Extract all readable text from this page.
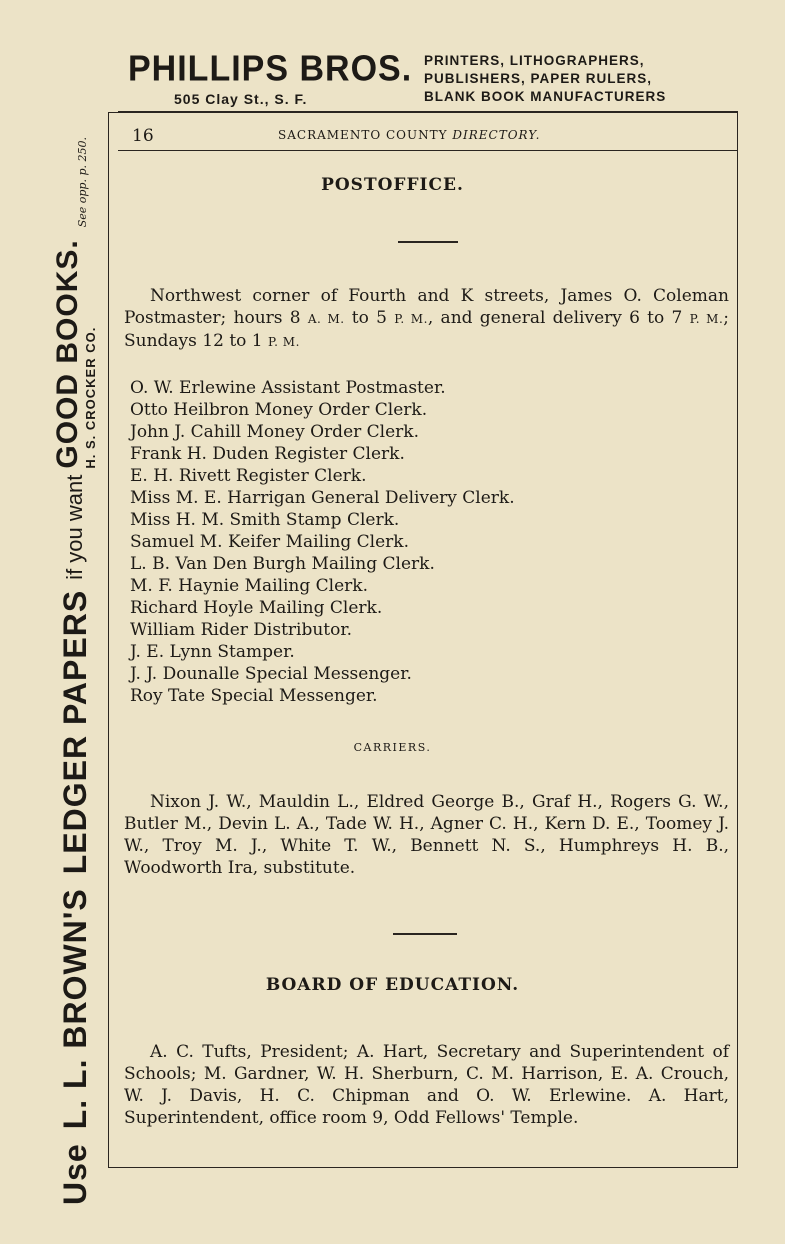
Use
L. L. BROWN'S
LEDGER PAPERS
if you want
GOOD BOOKS.
H. S. CROCKER CO.
See opp. p. 250.
PHILLIPS BROS.
505 Clay St., S. F.
PRINTERS, LITHOGRAPHERS,
PUBLISHERS, PAPER RULERS,
BLANK BOOK MANUFACTURERS
16	SACRAMENTO COUNTY DIRECTORY.
POSTOFFICE.
Northwest corner of Fourth and K streets, James O. Coleman Postmaster; hours 8 A. M. to 5 P. M., and general delivery 6 to 7 P. M.; Sundays 12 to 1 P. M.
O. W. Erlewine Assistant Postmaster.
Otto Heilbron Money Order Clerk.
John J. Cahill Money Order Clerk.
Frank H. Duden Register Clerk.
E. H. Rivett Register Clerk.
Miss M. E. Harrigan General Delivery Clerk.
Miss H. M. Smith Stamp Clerk.
Samuel M. Keifer Mailing Clerk.
L. B. Van Den Burgh Mailing Clerk.
M. F. Haynie Mailing Clerk.
Richard Hoyle Mailing Clerk.
William Rider Distributor.
J. E. Lynn Stamper.
J. J. Dounalle Special Messenger.
Roy Tate Special Messenger.
CARRIERS.
Nixon J. W., Mauldin L., Eldred George B., Graf H., Rogers G. W., Butler M., Devin L. A., Tade W. H., Agner C. H., Kern D. E., Toomey J. W., Troy M. J., White T. W., Bennett N. S., Humphreys H. B., Woodworth Ira, substitute.
BOARD OF EDUCATION.
A. C. Tufts, President; A. Hart, Secretary and Superintendent of Schools; M. Gardner, W. H. Sherburn, C. M. Harrison, E. A. Crouch, W. J. Davis, H. C. Chipman and O. W. Erlewine. A. Hart, Superintendent, office room 9, Odd Fellows' Temple.
